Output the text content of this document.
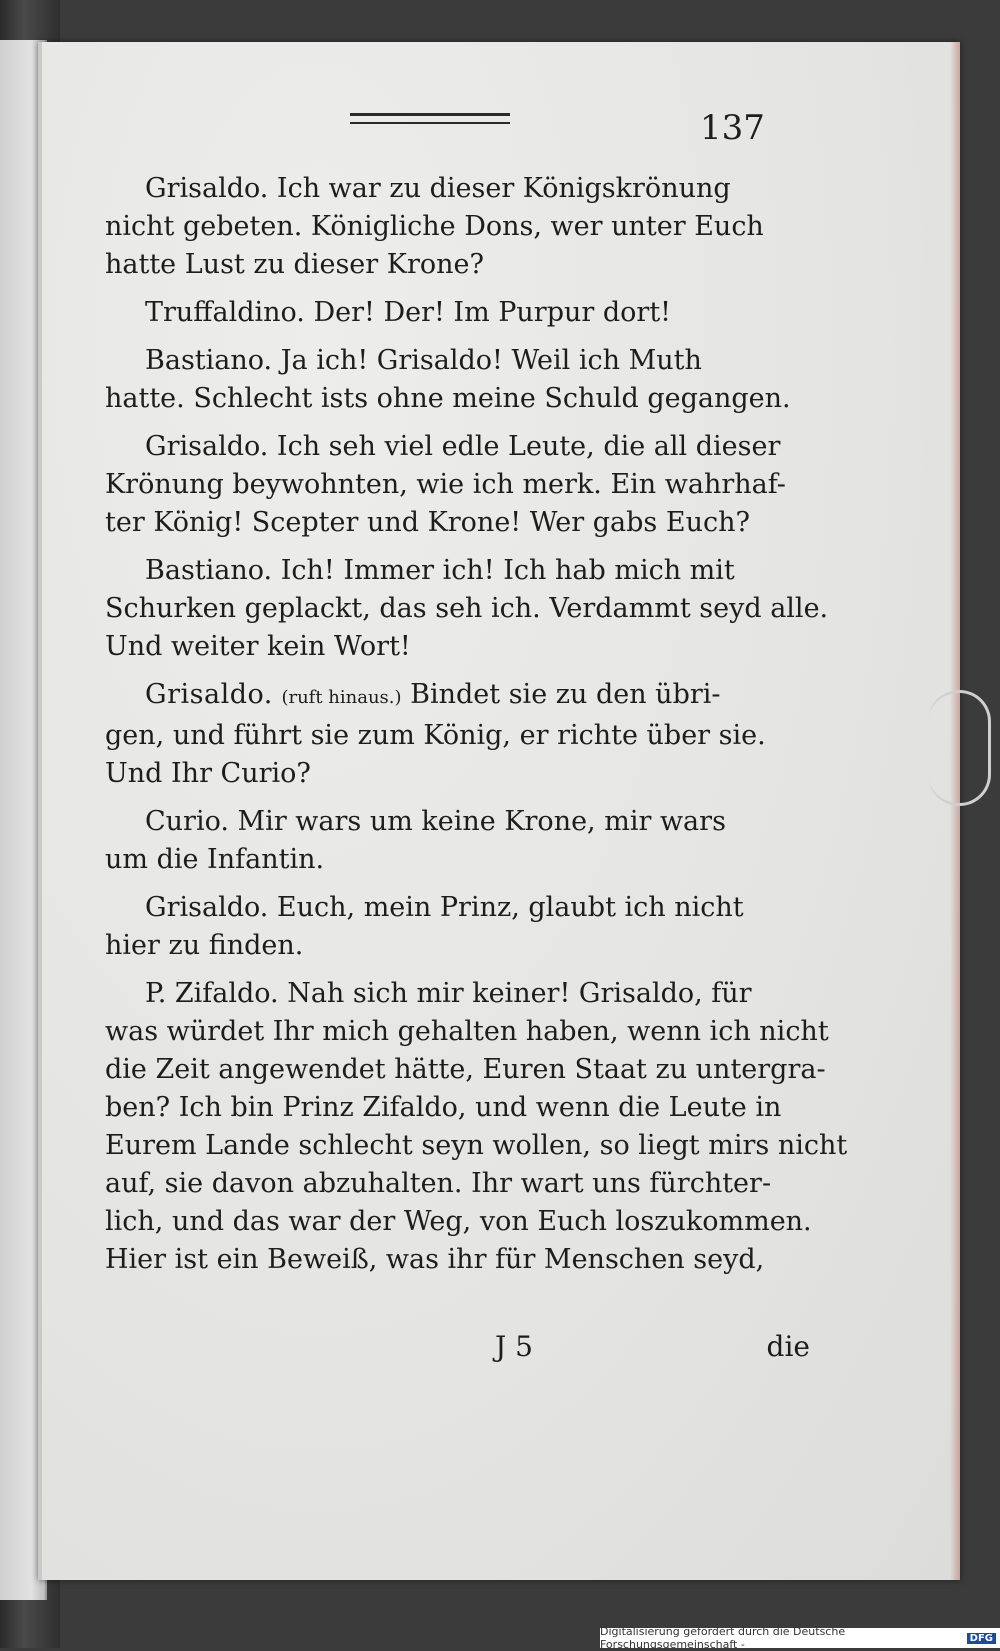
137

Grisaldo. Ich war zu dieser Königskrönung
nicht gebeten. Königliche Dons, wer unter Euch
hatte Lust zu dieser Krone?

Truffaldino. Der! Der! Im Purpur dort!

Bastiano. Ja ich! Grisaldo! Weil ich Muth
hatte. Schlecht ists ohne meine Schuld gegangen.

Grisaldo. Ich seh viel edle Leute, die all dieser
Krönung beywohnten, wie ich merk. Ein wahrhaf-
ter König! Scepter und Krone! Wer gabs Euch?

Bastiano. Ich! Immer ich! Ich hab mich mit
Schurken geplackt, das seh ich. Verdammt seyd alle.
Und weiter kein Wort!

Grisaldo. (ruft hinaus.) Bindet sie zu den übri-
gen, und führt sie zum König, er richte über sie.
Und Ihr Curio?

Curio. Mir wars um keine Krone, mir wars
um die Infantin.

Grisaldo. Euch, mein Prinz, glaubt ich nicht
hier zu finden.

P. Zifaldo. Nah sich mir keiner! Grisaldo, für
was würdet Ihr mich gehalten haben, wenn ich nicht
die Zeit angewendet hätte, Euren Staat zu untergra-
ben? Ich bin Prinz Zifaldo, und wenn die Leute in
Eurem Lande schlecht seyn wollen, so liegt mirs nicht
auf, sie davon abzuhalten. Ihr wart uns fürchter-
lich, und das war der Weg, von Euch loszukommen.
Hier ist ein Beweiß, was ihr für Menschen seyd,

J 5	die
Digitalisierung gefördert durch die Deutsche Forschungsgemeinschaft -	DFG
